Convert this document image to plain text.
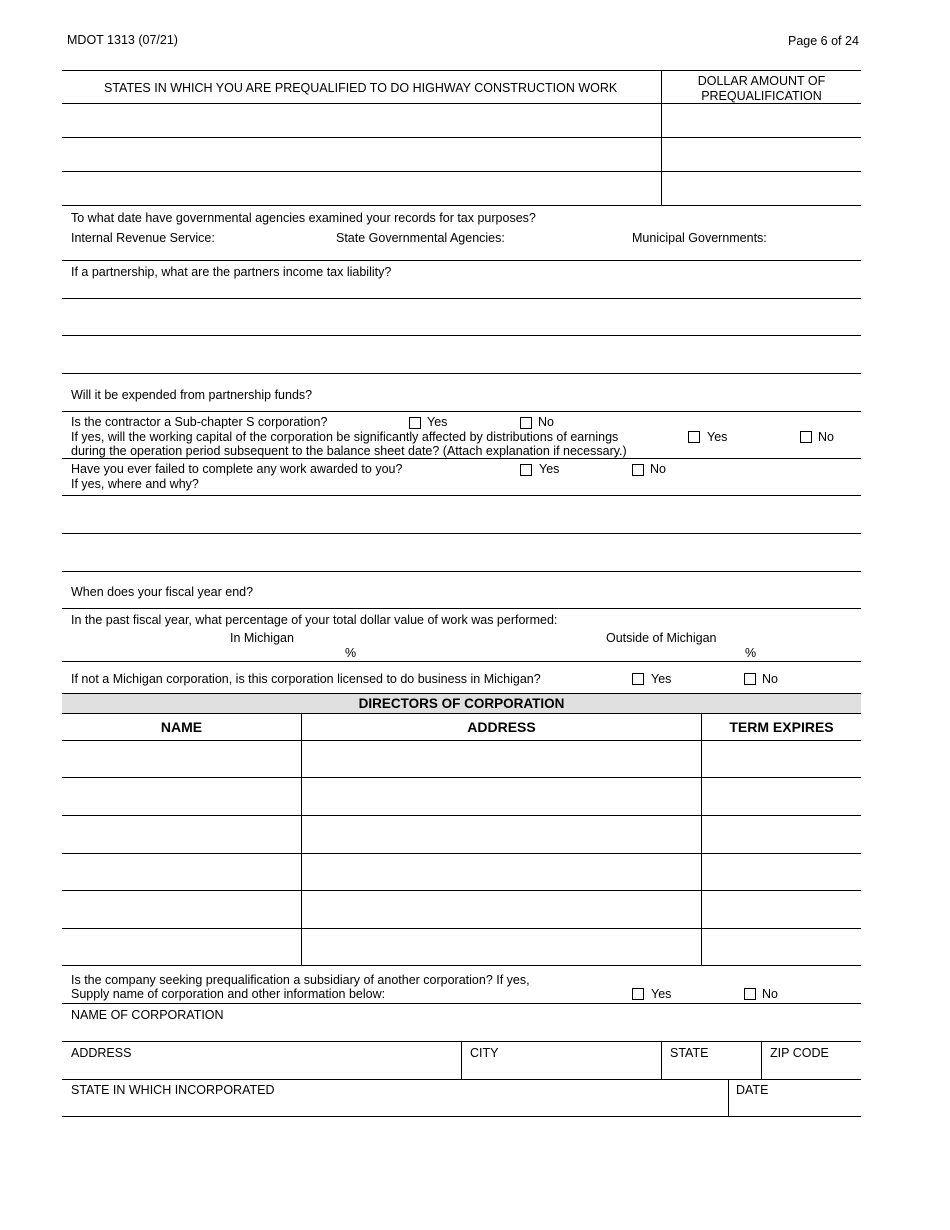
MDOT 1313 (07/21)	Page 6 of 24
STATES IN WHICH YOU ARE PREQUALIFIED TO DO HIGHWAY CONSTRUCTION WORK	DOLLAR AMOUNT OF
PREQUALIFICATION
To what date have governmental agencies examined your records for tax purposes?
Internal Revenue Service:	State Governmental Agencies:	Municipal Governments:
If a partnership, what are the partners income tax liability?
Will it be expended from partnership funds?
Is the contractor a Sub-chapter S corporation?	Yes	No
If yes, will the working capital of the corporation be significantly affected by distributions of earnings
during the operation period subsequent to the balance sheet date? (Attach explanation if necessary.)
Yes	No
Have you ever failed to complete any work awarded to you?	Yes	No
If yes, where and why?
When does your fiscal year end?
In the past fiscal year, what percentage of your total dollar value of work was performed:
In Michigan
%
Outside of Michigan
%
If not a Michigan corporation, is this corporation licensed to do business in Michigan?	Yes	No
DIRECTORS OF CORPORATION
NAME	ADDRESS	TERM EXPIRES
Is the company seeking prequalification a subsidiary of another corporation? If yes,
Supply name of corporation and other information below:	Yes	No
NAME OF CORPORATION
ADDRESS	CITY	STATE	ZIP CODE
STATE IN WHICH INCORPORATED	DATE
